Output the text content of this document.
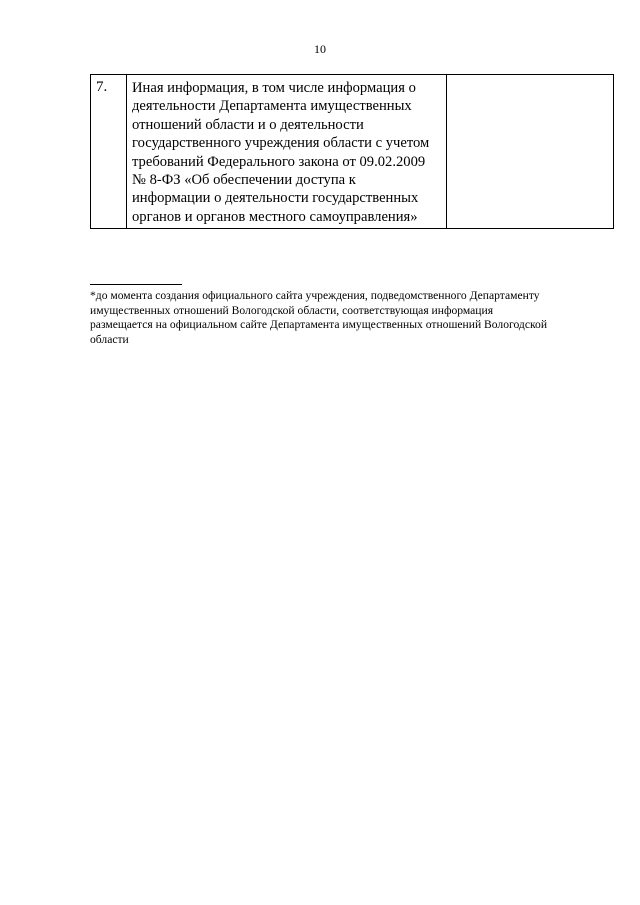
10
7.	Иная информация, в том числе информация о
деятельности Департамента имущественных
отношений области и о деятельности
государственного учреждения области с учетом
требований Федерального закона от 09.02.2009
№ 8-ФЗ «Об обеспечении доступа к
информации о деятельности государственных
органов и органов местного самоуправления»

*до момента создания официального сайта учреждения, подведомственного Департаменту
имущественных отношений Вологодской области, соответствующая информация
размещается на официальном сайте Департамента имущественных отношений Вологодской
области
